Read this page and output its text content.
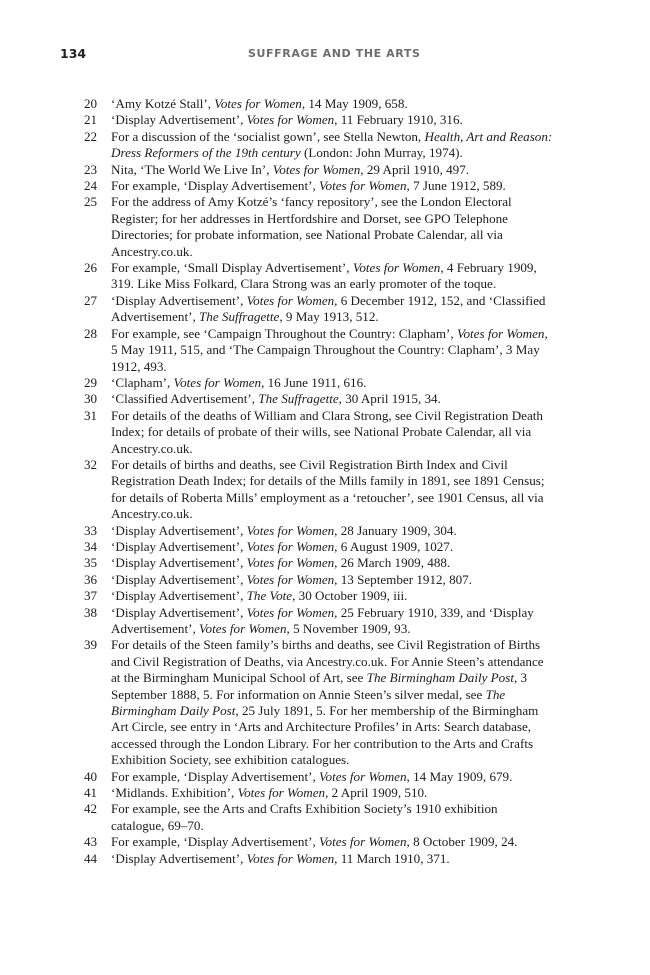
134	SUFFRAGE AND THE ARTS
20	‘Amy Kotzé Stall’, Votes for Women, 14 May 1909, 658.
21	‘Display Advertisement’, Votes for Women, 11 February 1910, 316.
22	For a discussion of the ‘socialist gown’, see Stella Newton, Health, Art and Reason: Dress Reformers of the 19th century (London: John Murray, 1974).
23	Nita, ‘The World We Live In’, Votes for Women, 29 April 1910, 497.
24	For example, ‘Display Advertisement’, Votes for Women, 7 June 1912, 589.
25	For the address of Amy Kotzé’s ‘fancy repository’, see the London Electoral Register; for her addresses in Hertfordshire and Dorset, see GPO Telephone Directories; for probate information, see National Probate Calendar, all via Ancestry.co.uk.
26	For example, ‘Small Display Advertisement’, Votes for Women, 4 February 1909, 319. Like Miss Folkard, Clara Strong was an early promoter of the toque.
27	‘Display Advertisement’, Votes for Women, 6 December 1912, 152, and ‘Classified Advertisement’, The Suffragette, 9 May 1913, 512.
28	For example, see ‘Campaign Throughout the Country: Clapham’, Votes for Women, 5 May 1911, 515, and ‘The Campaign Throughout the Country: Clapham’, 3 May 1912, 493.
29	‘Clapham’, Votes for Women, 16 June 1911, 616.
30	‘Classified Advertisement’, The Suffragette, 30 April 1915, 34.
31	For details of the deaths of William and Clara Strong, see Civil Registration Death Index; for details of probate of their wills, see National Probate Calendar, all via Ancestry.co.uk.
32	For details of births and deaths, see Civil Registration Birth Index and Civil Registration Death Index; for details of the Mills family in 1891, see 1891 Census; for details of Roberta Mills’ employment as a ‘retoucher’, see 1901 Census, all via Ancestry.co.uk.
33	‘Display Advertisement’, Votes for Women, 28 January 1909, 304.
34	‘Display Advertisement’, Votes for Women, 6 August 1909, 1027.
35	‘Display Advertisement’, Votes for Women, 26 March 1909, 488.
36	‘Display Advertisement’, Votes for Women, 13 September 1912, 807.
37	‘Display Advertisement’, The Vote, 30 October 1909, iii.
38	‘Display Advertisement’, Votes for Women, 25 February 1910, 339, and ‘Display Advertisement’, Votes for Women, 5 November 1909, 93.
39	For details of the Steen family’s births and deaths, see Civil Registration of Births and Civil Registration of Deaths, via Ancestry.co.uk. For Annie Steen’s attendance at the Birmingham Municipal School of Art, see The Birmingham Daily Post, 3 September 1888, 5. For information on Annie Steen’s silver medal, see The Birmingham Daily Post, 25 July 1891, 5. For her membership of the Birmingham Art Circle, see entry in ‘Arts and Architecture Profiles’ in Arts: Search database, accessed through the London Library. For her contribution to the Arts and Crafts Exhibition Society, see exhibition catalogues.
40	For example, ‘Display Advertisement’, Votes for Women, 14 May 1909, 679.
41	‘Midlands. Exhibition’, Votes for Women, 2 April 1909, 510.
42	For example, see the Arts and Crafts Exhibition Society’s 1910 exhibition catalogue, 69–70.
43	For example, ‘Display Advertisement’, Votes for Women, 8 October 1909, 24.
44	‘Display Advertisement’, Votes for Women, 11 March 1910, 371.
